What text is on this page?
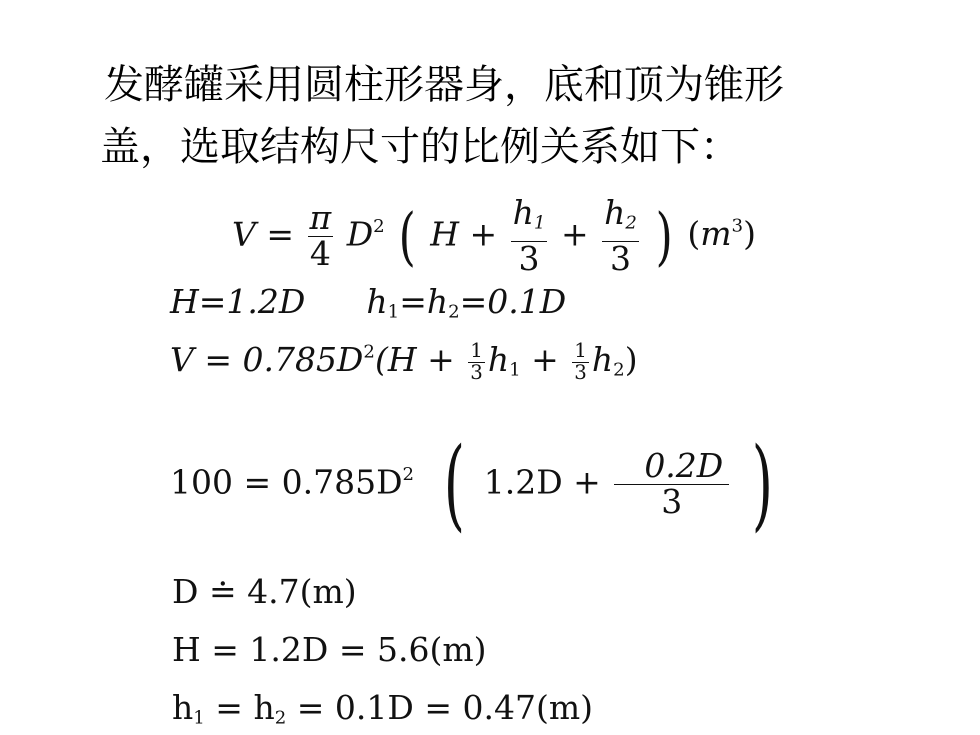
发酵罐采用圆柱形器身，底和顶为锥形
盖，选取结构尺寸的比例关系如下：
$V = \frac{\pi}{4} D^2$ ( $H + \frac{h_1}{3} + \frac{h_2}{3}$ ) $(m^3)$
H=1.2D $h_1=h_2=0.1D$
$V = 0.785D^2(H + \frac{1}{3} h_1 + \frac{1}{3} h_2)$
$100 = 0.785D^2$ ( $1.2D + \frac{0.2D}{3}$ )
D ≐ 4.7(m)
H = 1.2D = 5.6(m)
$h_1 = h_2 = 0.1D = 0.47(m)$
